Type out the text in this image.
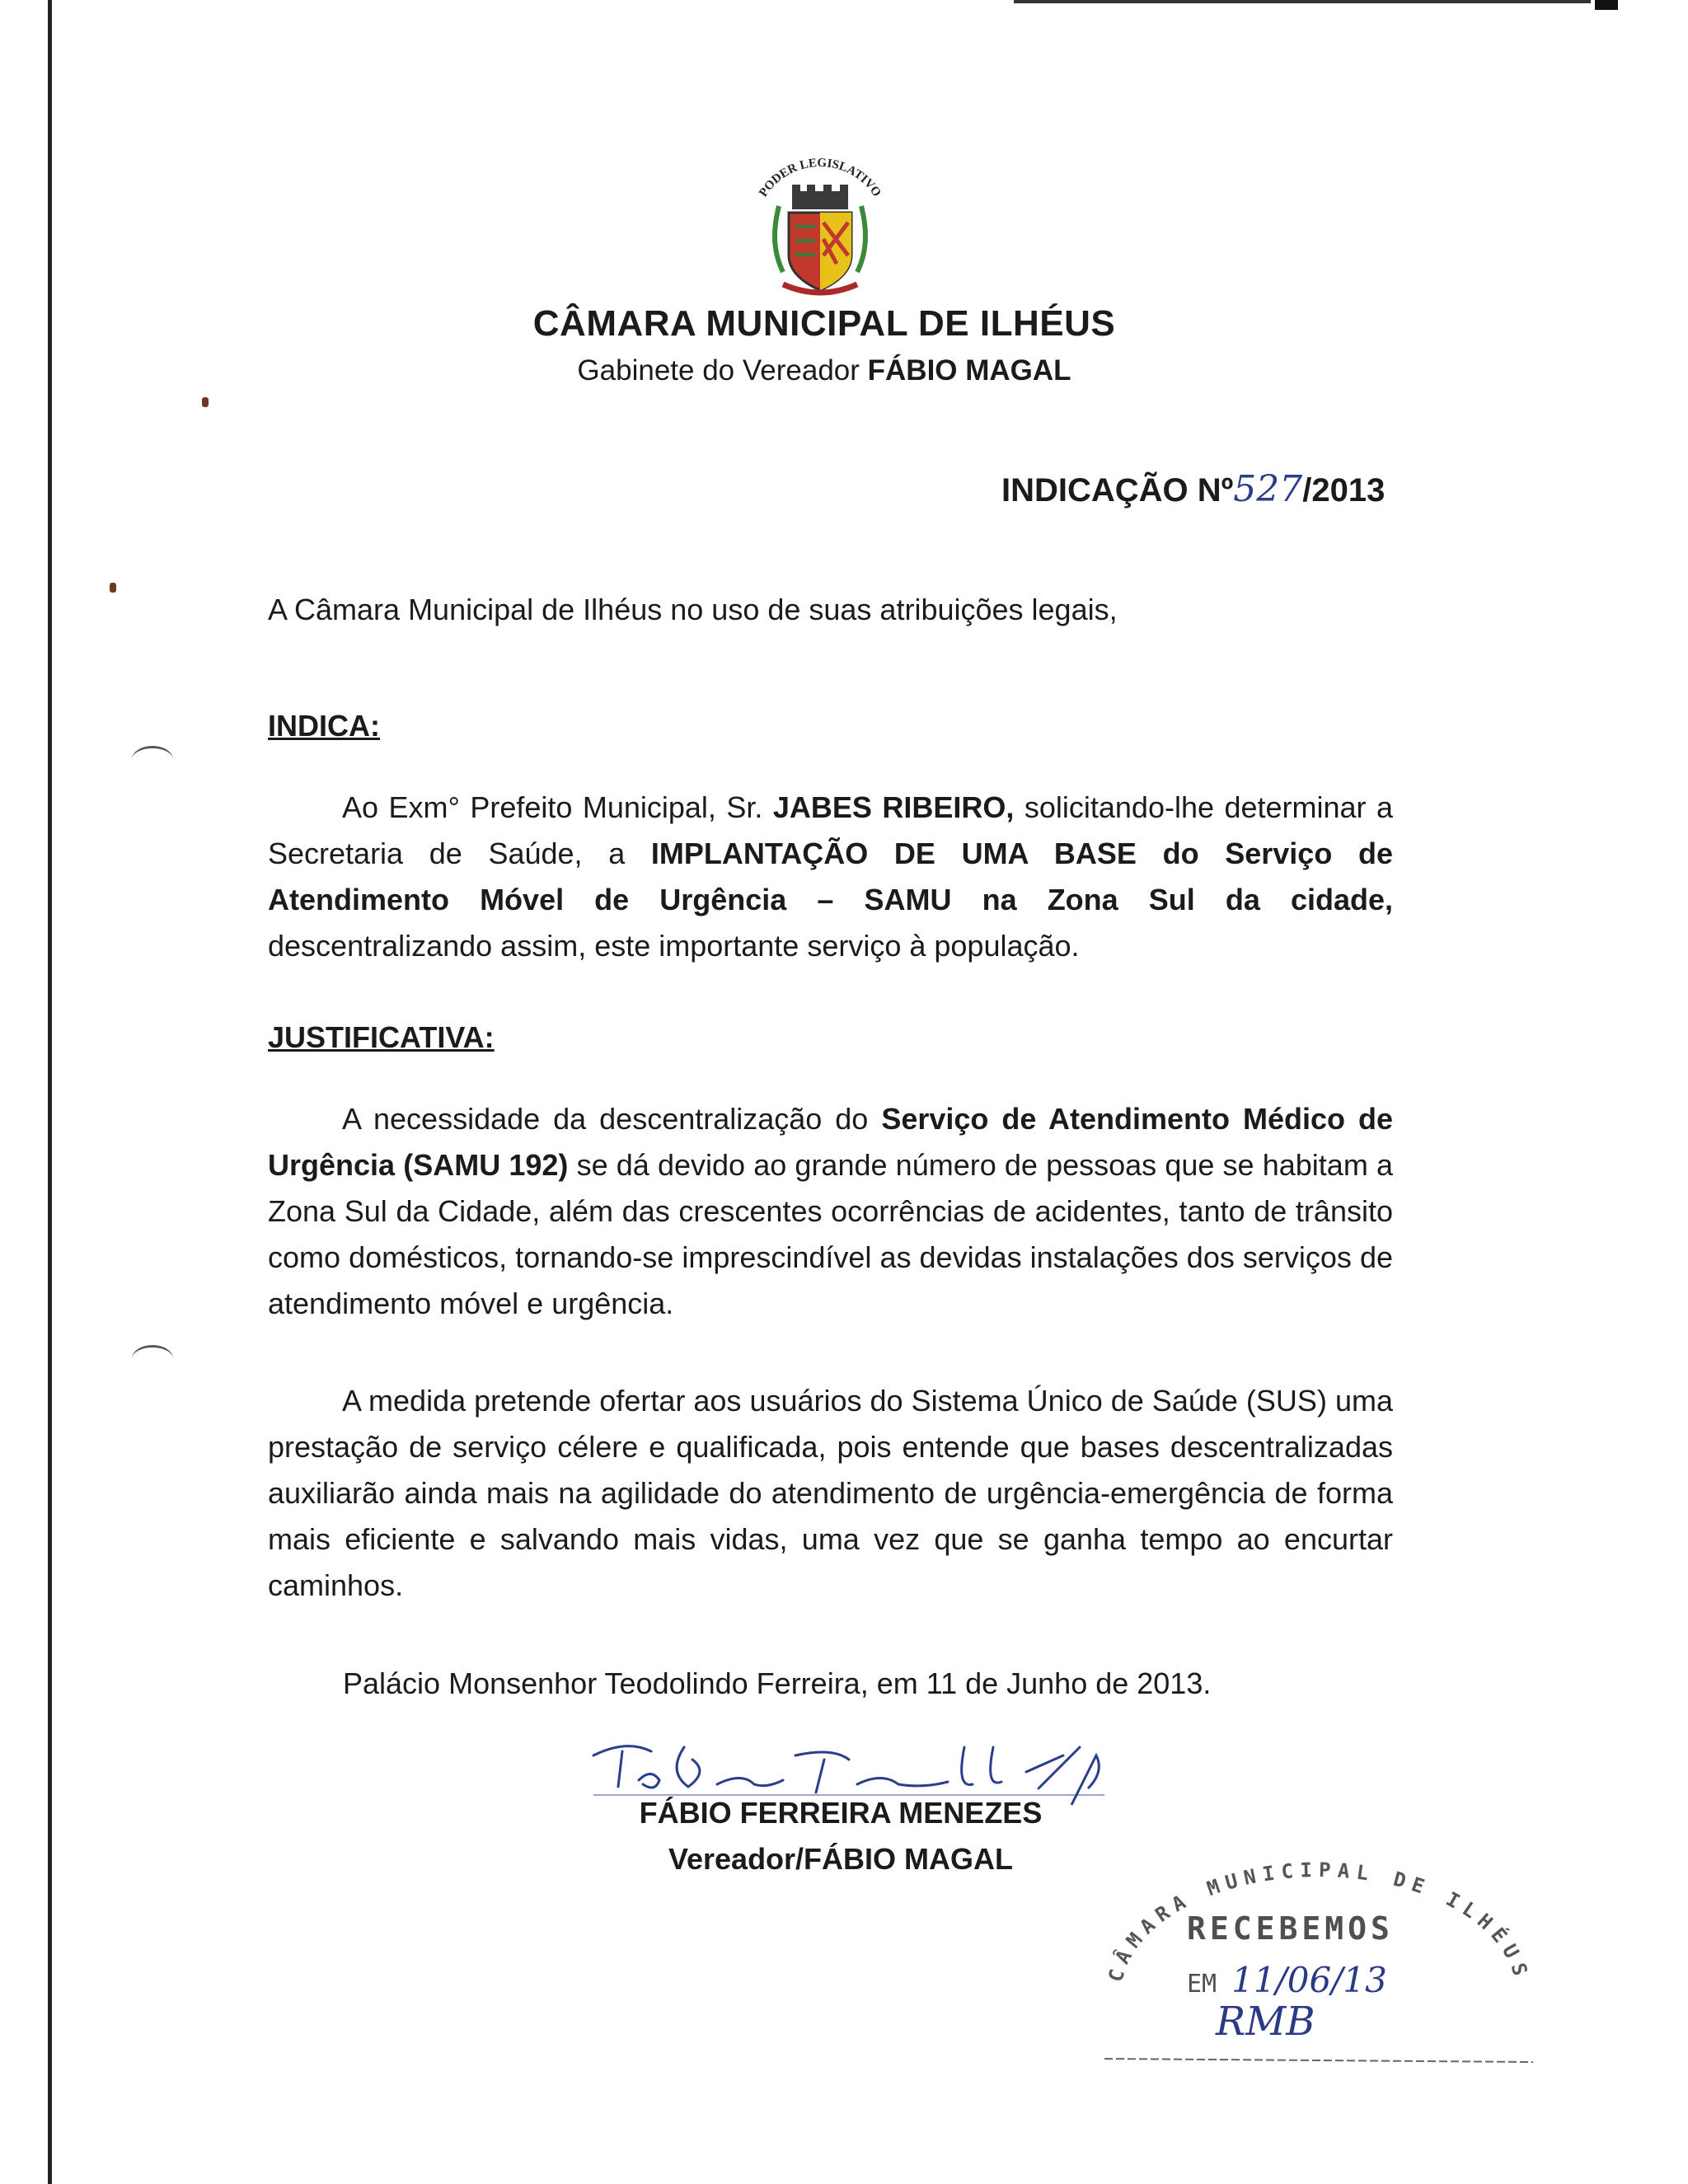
PODER LEGISLATIVO
CÂMARA MUNICIPAL DE ILHÉUS
Gabinete do Vereador FÁBIO MAGAL
INDICAÇÃO Nº527/2013
A Câmara Municipal de Ilhéus no uso de suas atribuições legais,
INDICA:
Ao Exm° Prefeito Municipal, Sr. JABES RIBEIRO, solicitando-lhe determinar a Secretaria de Saúde, a IMPLANTAÇÃO DE UMA BASE do Serviço de Atendimento Móvel de Urgência – SAMU na Zona Sul da cidade, descentralizando assim, este importante serviço à população.
JUSTIFICATIVA:
A necessidade da descentralização do Serviço de Atendimento Médico de Urgência (SAMU 192) se dá devido ao grande número de pessoas que se habitam a Zona Sul da Cidade, além das crescentes ocorrências de acidentes, tanto de trânsito como domésticos, tornando-se imprescindível as devidas instalações dos serviços de atendimento móvel e urgência.
A medida pretende ofertar aos usuários do Sistema Único de Saúde (SUS) uma prestação de serviço célere e qualificada, pois entende que bases descentralizadas auxiliarão ainda mais na agilidade do atendimento de urgência-emergência de forma mais eficiente e salvando mais vidas, uma vez que se ganha tempo ao encurtar caminhos.
Palácio Monsenhor Teodolindo Ferreira, em 11 de Junho de 2013.
FÁBIO FERREIRA MENEZES
Vereador/FÁBIO MAGAL
CÂMARA MUNICIPAL DE ILHÉUS
RECEBEMOS
EM 11/06/13
RMB
